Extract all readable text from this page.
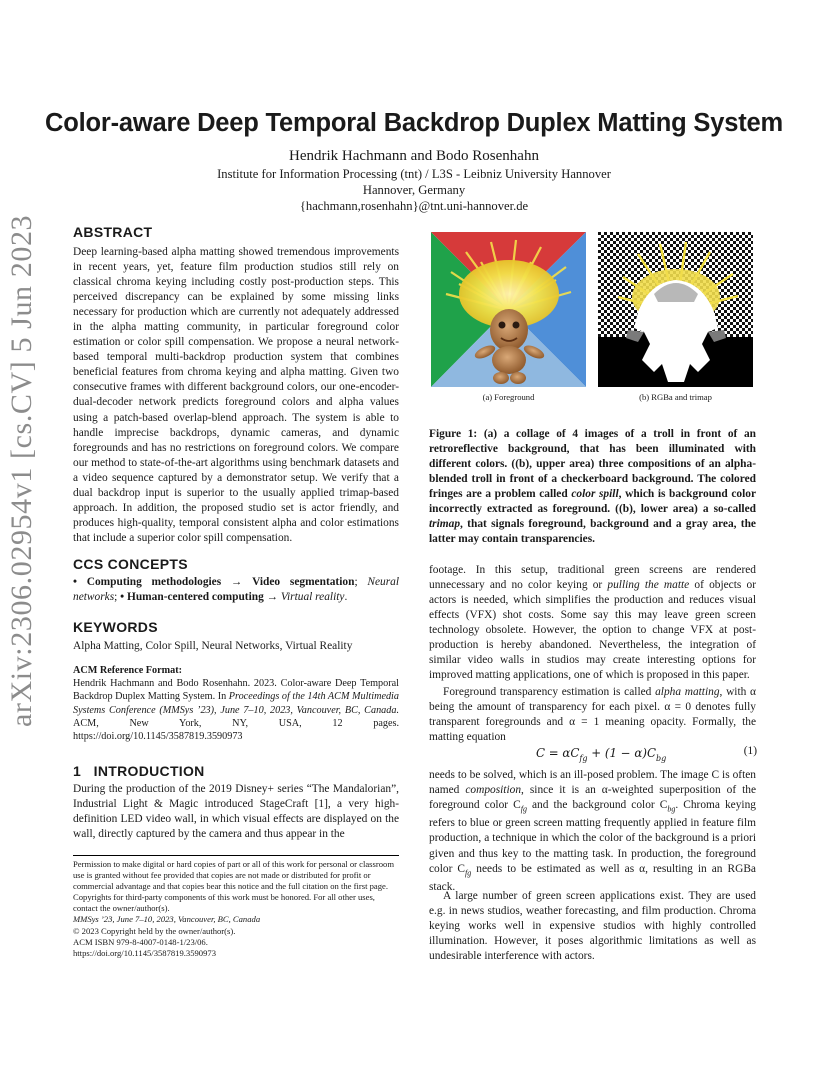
Color-aware Deep Temporal Backdrop Duplex Matting System
Hendrik Hachmann and Bodo Rosenhahn
Institute for Information Processing (tnt) / L3S - Leibniz University Hannover
Hannover, Germany
{hachmann,rosenhahn}@tnt.uni-hannover.de
arXiv:2306.02954v1 [cs.CV] 5 Jun 2023	ABSTRACT
Deep learning-based alpha matting showed tremendous improvements in recent years, yet, feature film production studios still rely on classical chroma keying including costly post-production steps. This perceived discrepancy can be explained by some missing links necessary for production which are currently not adequately addressed in the alpha matting community, in particular foreground color estimation or color spill compensation. We propose a neural network-based temporal multi-backdrop production system that combines beneficial features from chroma keying and alpha matting. Given two consecutive frames with different background colors, our one-encoder-dual-decoder network predicts foreground colors and alpha values using a patch-based overlap-blend approach. The system is able to handle imprecise backdrops, dynamic cameras, and dynamic foregrounds and has no restrictions on foreground colors. We compare our method to state-of-the-art algorithms using benchmark datasets and a video sequence captured by a demonstrator setup. We verify that a dual backdrop input is superior to the usually applied trimap-based approach. In addition, the proposed studio set is actor friendly, and produces high-quality, temporal consistent alpha and color estimations that include a superior color spill compensation.
CCS CONCEPTS
• Computing methodologies → Video segmentation; Neural networks; • Human-centered computing → Virtual reality.
KEYWORDS
Alpha Matting, Color Spill, Neural Networks, Virtual Reality
ACM Reference Format:
Hendrik Hachmann and Bodo Rosenhahn. 2023. Color-aware Deep Temporal Backdrop Duplex Matting System. In Proceedings of the 14th ACM Multimedia Systems Conference (MMSys ’23), June 7–10, 2023, Vancouver, BC, Canada. ACM, New York, NY, USA, 12 pages. https://doi.org/10.1145/3587819.3590973
1 INTRODUCTION
During the production of the 2019 Disney+ series “The Mandalorian”, Industrial Light & Magic introduced StageCraft [1], a very high-definition LED video wall, in which visual effects are displayed on the wall, directly captured by the camera and thus appear in the
Permission to make digital or hard copies of part or all of this work for personal or classroom use is granted without fee provided that copies are not made or distributed for profit or commercial advantage and that copies bear this notice and the full citation on the first page. Copyrights for third-party components of this work must be honored. For all other uses, contact the owner/author(s).
MMSys ’23, June 7–10, 2023, Vancouver, BC, Canada
© 2023 Copyright held by the owner/author(s).
ACM ISBN 979-8-4007-0148-1/23/06.
https://doi.org/10.1145/3587819.3590973
(a) Foreground	(b) RGBa and trimap
Figure 1: (a) a collage of 4 images of a troll in front of an retroreflective background, that has been illuminated with different colors. ((b), upper area) three compositions of an alpha-blended troll in front of a checkerboard background. The colored fringes are a problem called color spill, which is background color incorrectly extracted as foreground. ((b), lower area) a so-called trimap, that signals foreground, background and a gray area, the latter may contain transparencies.
footage. In this setup, traditional green screens are rendered unnecessary and no color keying or pulling the matte of objects or actors is needed, which simplifies the production and reduces visual effects (VFX) shot costs. Some say this may leave green screen technology obsolete. However, the option to change VFX at post-production is hereby abandoned. Nevertheless, the integration of similar video walls in studios may create interesting options for improved matting applications, one of which is proposed in this paper.
Foreground transparency estimation is called alpha matting, with α being the amount of transparency for each pixel. α = 0 denotes fully transparent foregrounds and α = 1 meaning opacity. Formally, the matting equation
$C = \alpha C_{fg} + (1 - \alpha)C_{bg}$
(1)
needs to be solved, which is an ill-posed problem. The image C is often named composition, since it is an α-weighted superposition of the foreground color $C_{fg}$ and the background color $C_{bg}$. Chroma keying refers to blue or green screen matting frequently applied in feature film production, a technique in which the color of the background is a priori given and thus key to the matting task. In production, the foreground color $C_{fg}$ needs to be estimated as well as α, resulting in an RGBa stack.
A large number of green screen applications exist. They are used e.g. in news studios, weather forecasting, and film production. Chroma keying works well in expensive studios with highly controlled illumination. However, it poses algorithmic limitations as well as undesirable interference with actors.
